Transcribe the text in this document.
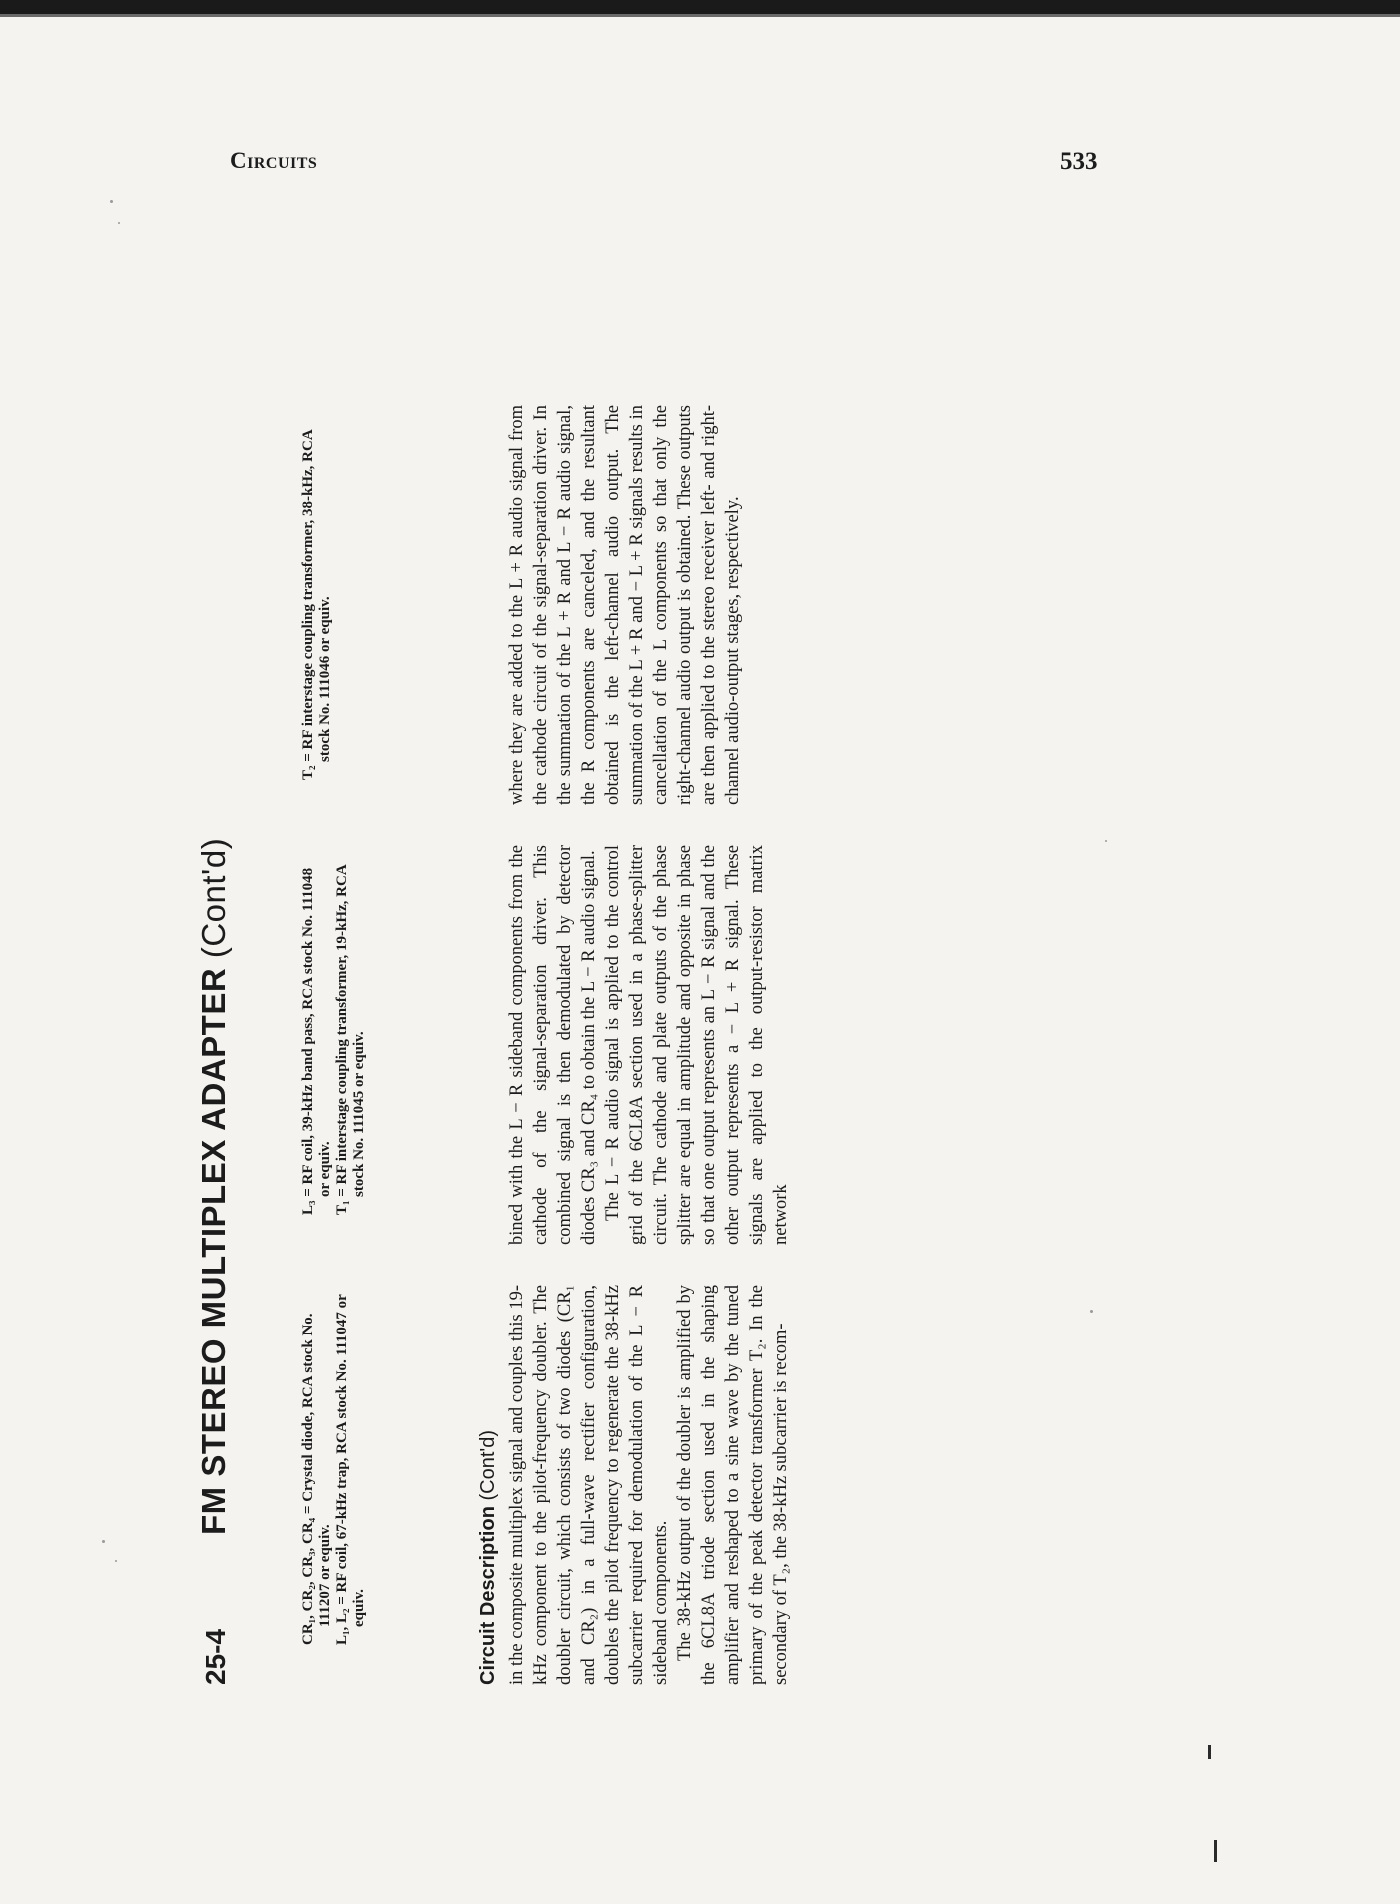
Circuits	533
25-4
FM STEREO MULTIPLEX ADAPTER (Cont'd)
CR₁, CR₂, CR₃, CR₄ = Crystal diode, RCA stock No. 111207 or equiv. L₁, L₂ = RF coil, 67-kHz trap, RCA stock No. 111047 or equiv.
L₃ = RF coil, 39-kHz band pass, RCA stock No. 111048 or equiv. T₁ = RF interstage coupling transformer, 19-kHz, RCA stock No. 111045 or equiv.
T₂ = RF interstage coupling transformer, 38-kHz, RCA stock No. 111046 or equiv.
Circuit Description (Cont'd) in the composite multiplex signal and couples this 19-kHz component to the pilot-frequency doubler. The doubler circuit, which consists of two diodes (CR₁ and CR₂) in a full-wave rectifier configuration, doubles the pilot frequency to regenerate the 38-kHz subcarrier required for demodulation of the L − R sideband components. The 38-kHz output of the doubler is amplified by the 6CL8A triode section used in the shaping amplifier and reshaped to a sine wave by the tuned primary of the peak detector transformer T₂. In the secondary of T₂, the 38-kHz subcarrier is recom-

bined with the L − R sideband components from the cathode of the signal-separation driver. This combined signal is then demodulated by detector diodes CR₃ and CR₄ to obtain the L − R audio signal. The L − R audio signal is applied to the control grid of the 6CL8A section used in a phase-splitter circuit. The cathode and plate outputs of the phase splitter are equal in amplitude and opposite in phase so that one output represents an L − R signal and the other output represents a − L + R signal. These signals are applied to the output-resistor matrix network

where they are added to the L + R audio signal from the cathode circuit of the signal-separation driver. In the summation of the L + R and L − R audio signal, the R components are canceled, and the resultant obtained is the left-channel audio output. The summation of the L + R and − L + R signals results in cancellation of the L components so that only the right-channel audio output is obtained. These outputs are then applied to the stereo receiver left- and right-channel audio-output stages, respectively.
